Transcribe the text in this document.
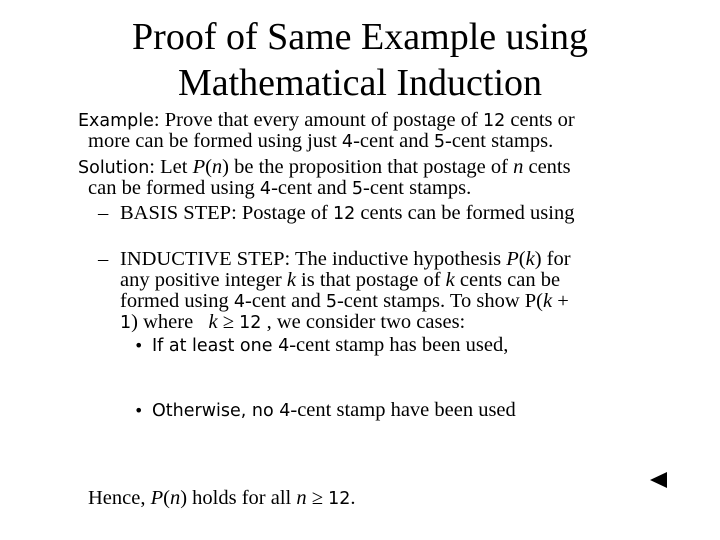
Proof of Same Example using
Mathematical Induction
Example: Prove that every amount of postage of 12 cents or
more can be formed using just 4-cent and 5-cent stamps.
Solution: Let P(n) be the proposition that postage of n cents
can be formed using 4-cent and 5-cent stamps.
– BASIS STEP: Postage of 12 cents can be formed using
– INDUCTIVE STEP: The inductive hypothesis P(k) for
any positive integer k is that postage of k cents can be
formed using 4-cent and 5-cent stamps. To show P(k +
1) where   k ≥ 12 , we consider two cases:
• If at least one 4-cent stamp has been used,
• Otherwise, no 4-cent stamp have been used
Hence, P(n) holds for all n ≥ 12.
